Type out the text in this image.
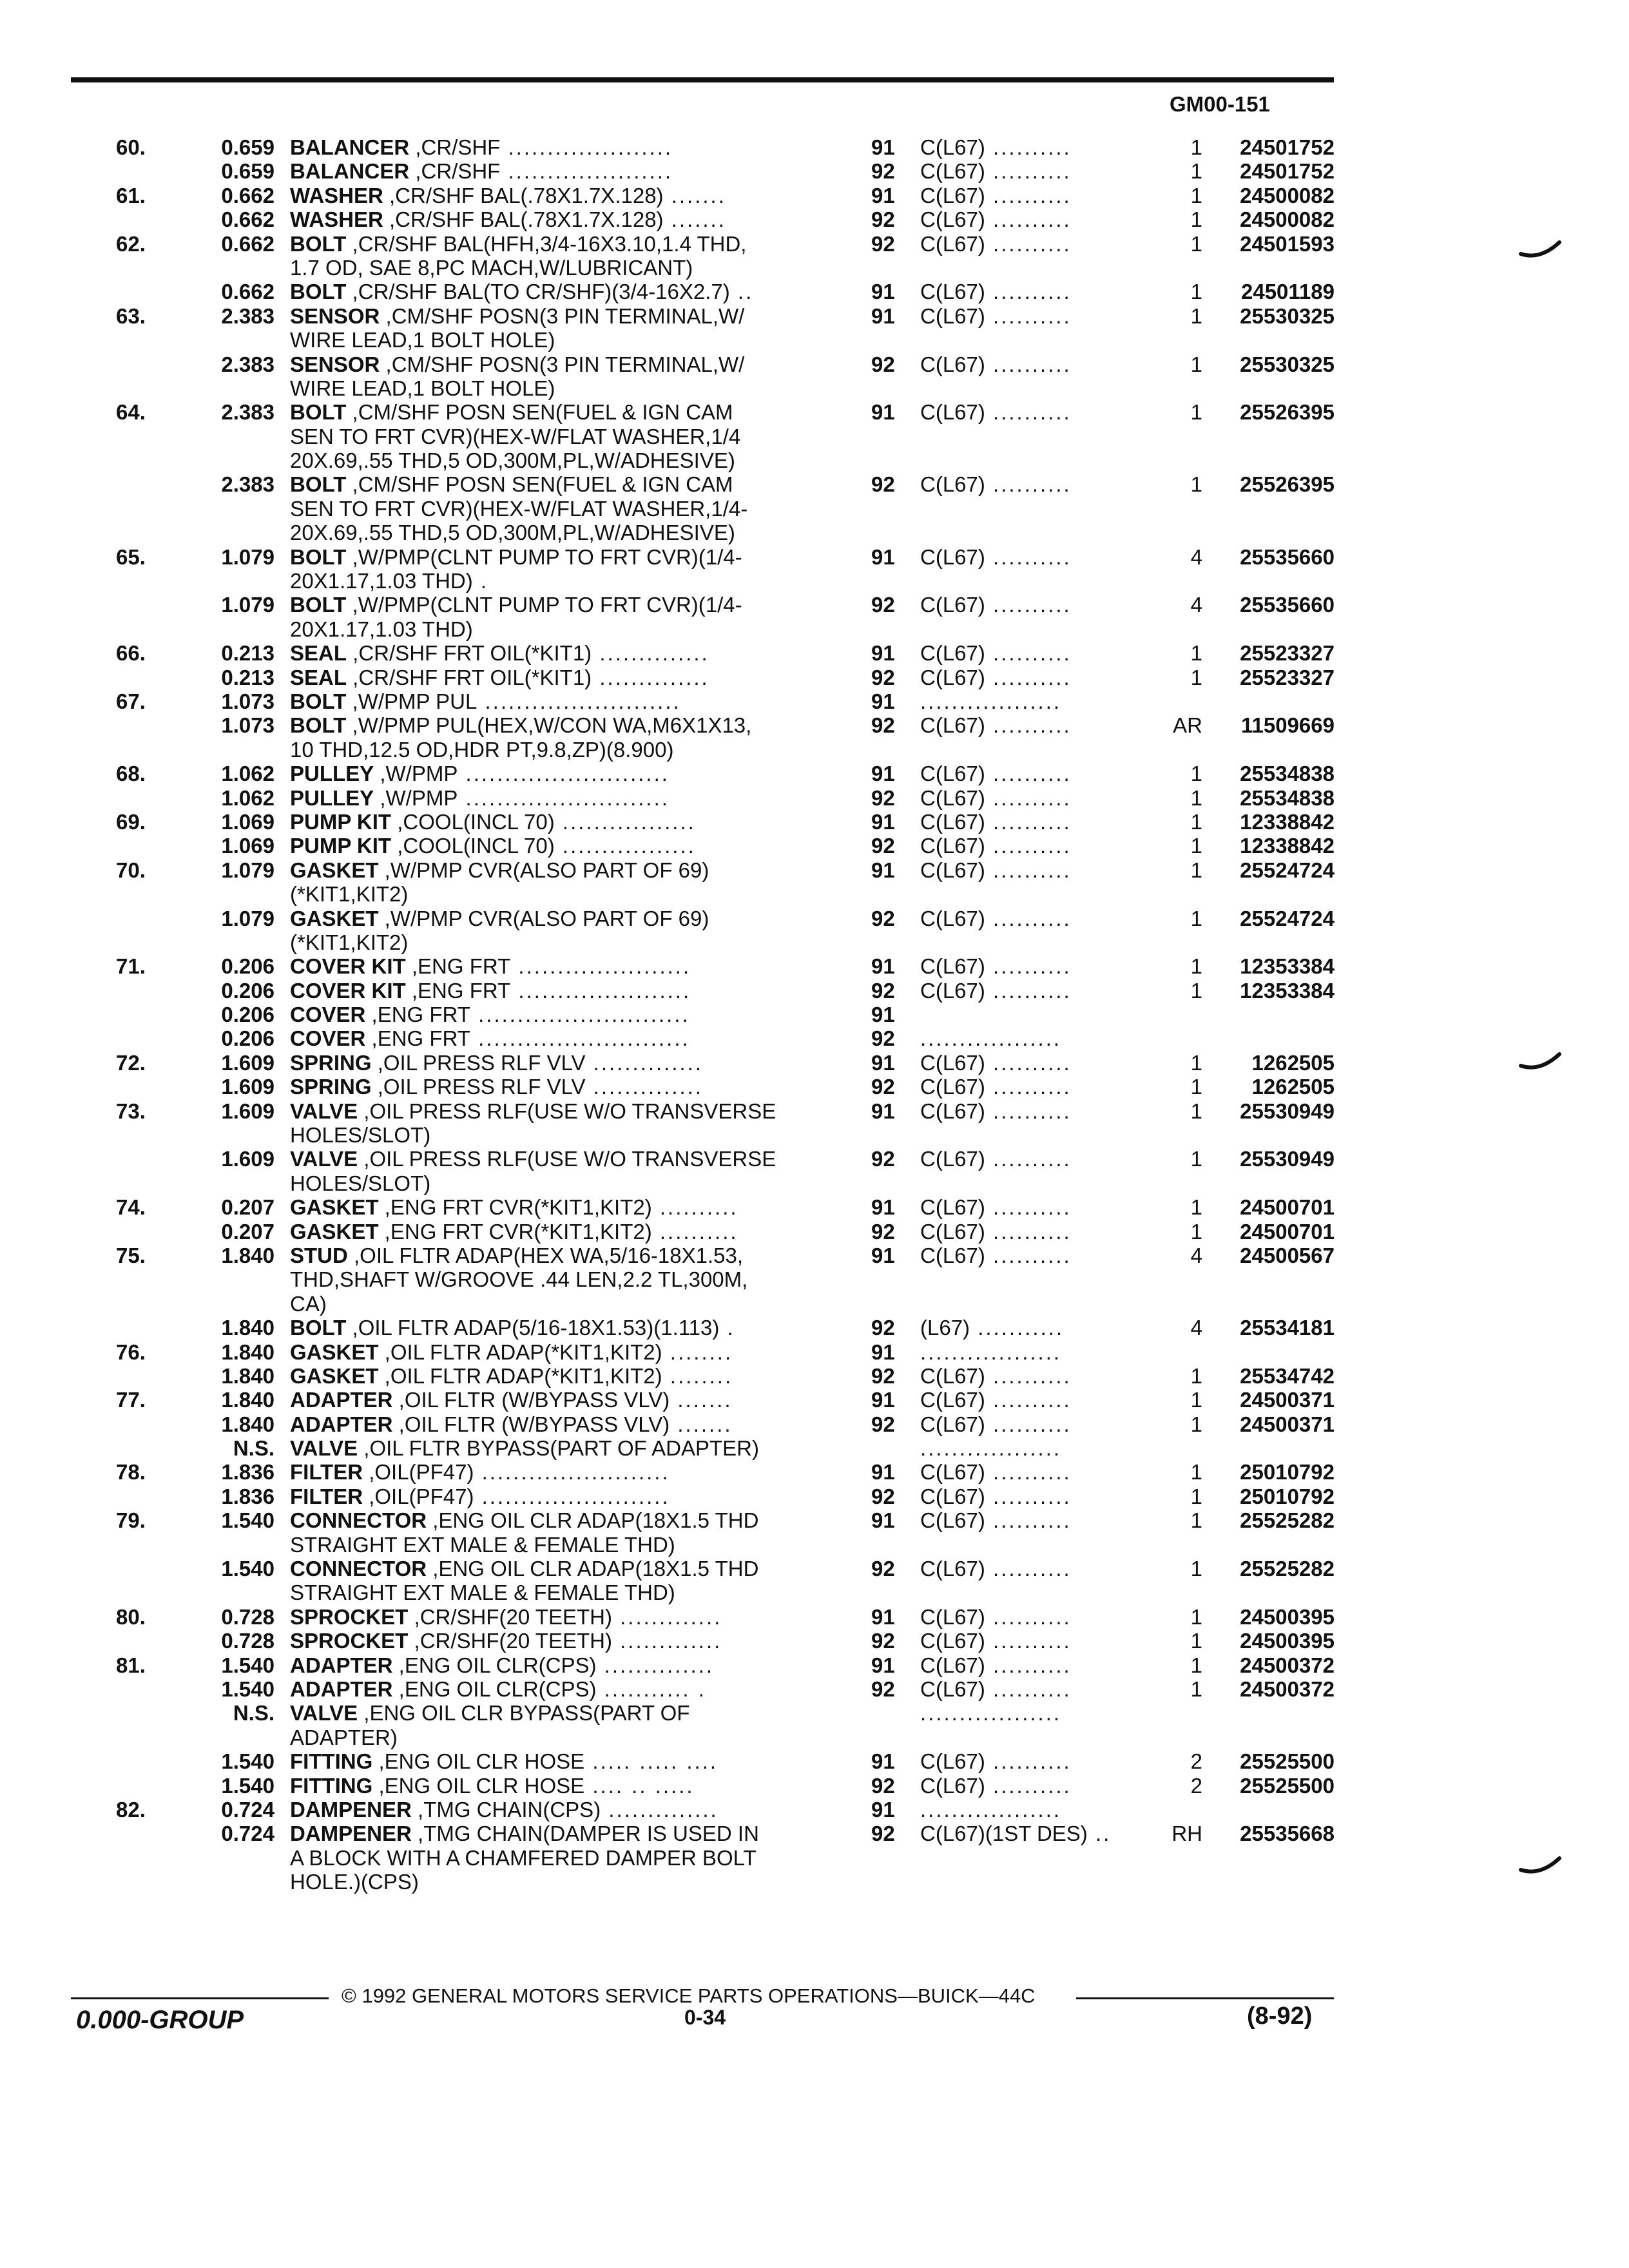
GM00-151
60.	0.659 BALANCER ,CR/SHF .....................	91 C(L67) ..........	1	24501752
0.659 BALANCER ,CR/SHF .....................	92 C(L67) ..........	1	24501752
61.	0.662 WASHER ,CR/SHF BAL(.78X1.7X.128) .......	91 C(L67) ..........	1	24500082
0.662 WASHER ,CR/SHF BAL(.78X1.7X.128) .......	92 C(L67) ..........	1	24500082
62.	0.662 BOLT ,CR/SHF BAL(HFH,3/4-16X3.10,1.4 THD,	92 C(L67) ..........	1	24501593
1.7 OD, SAE 8,PC MACH,W/LUBRICANT)
0.662 BOLT ,CR/SHF BAL(TO CR/SHF)(3/4-16X2.7) ..	91 C(L67) ..........	1	24501189
63.	2.383 SENSOR ,CM/SHF POSN(3 PIN TERMINAL,W/	91 C(L67) ..........	1	25530325
WIRE LEAD,1 BOLT HOLE)
2.383 SENSOR ,CM/SHF POSN(3 PIN TERMINAL,W/	92 C(L67) ..........	1	25530325
WIRE LEAD,1 BOLT HOLE)
64.	2.383 BOLT ,CM/SHF POSN SEN(FUEL & IGN CAM	91 C(L67) ..........	1	25526395
SEN TO FRT CVR)(HEX-W/FLAT WASHER,1/4
20X.69,.55 THD,5 OD,300M,PL,W/ADHESIVE)
2.383 BOLT ,CM/SHF POSN SEN(FUEL & IGN CAM	92 C(L67) ..........	1	25526395
SEN TO FRT CVR)(HEX-W/FLAT WASHER,1/4-
20X.69,.55 THD,5 OD,300M,PL,W/ADHESIVE)
65.	1.079 BOLT ,W/PMP(CLNT PUMP TO FRT CVR)(1/4-	91 C(L67) ..........	4	25535660
20X1.17,1.03 THD) .
1.079 BOLT ,W/PMP(CLNT PUMP TO FRT CVR)(1/4-	92 C(L67) ..........	4	25535660
20X1.17,1.03 THD)
66.	0.213 SEAL ,CR/SHF FRT OIL(*KIT1) ..............	91 C(L67) ..........	1	25523327
0.213 SEAL ,CR/SHF FRT OIL(*KIT1) ..............	92 C(L67) ..........	1	25523327
67.	1.073 BOLT ,W/PMP PUL .........................	91 ..................
1.073 BOLT ,W/PMP PUL(HEX,W/CON WA,M6X1X13,	92 C(L67) ..........	AR	11509669
10 THD,12.5 OD,HDR PT,9.8,ZP)(8.900)
68.	1.062 PULLEY ,W/PMP ..........................	91 C(L67) ..........	1	25534838
1.062 PULLEY ,W/PMP ..........................	92 C(L67) ..........	1	25534838
69.	1.069 PUMP KIT ,COOL(INCL 70) .................	91 C(L67) ..........	1	12338842
1.069 PUMP KIT ,COOL(INCL 70) .................	92 C(L67) ..........	1	12338842
70.	1.079 GASKET ,W/PMP CVR(ALSO PART OF 69)	91 C(L67) ..........	1	25524724
(*KIT1,KIT2)
1.079 GASKET ,W/PMP CVR(ALSO PART OF 69)	92 C(L67) ..........	1	25524724
(*KIT1,KIT2)
71.	0.206 COVER KIT ,ENG FRT ......................	91 C(L67) ..........	1	12353384
0.206 COVER KIT ,ENG FRT ......................	92 C(L67) ..........	1	12353384
0.206 COVER ,ENG FRT ...........................	91
0.206 COVER ,ENG FRT ...........................	92 ..................
72.	1.609 SPRING ,OIL PRESS RLF VLV ..............	91 C(L67) ..........	1	1262505
1.609 SPRING ,OIL PRESS RLF VLV ..............	92 C(L67) ..........	1	1262505
73.	1.609 VALVE ,OIL PRESS RLF(USE W/O TRANSVERSE	91 C(L67) ..........	1	25530949
HOLES/SLOT)
1.609 VALVE ,OIL PRESS RLF(USE W/O TRANSVERSE	92 C(L67) ..........	1	25530949
HOLES/SLOT)
74.	0.207 GASKET ,ENG FRT CVR(*KIT1,KIT2) ..........	91 C(L67) ..........	1	24500701
0.207 GASKET ,ENG FRT CVR(*KIT1,KIT2) ..........	92 C(L67) ..........	1	24500701
75.	1.840 STUD ,OIL FLTR ADAP(HEX WA,5/16-18X1.53,	91 C(L67) ..........	4	24500567
THD,SHAFT W/GROOVE .44 LEN,2.2 TL,300M,
CA)
1.840 BOLT ,OIL FLTR ADAP(5/16-18X1.53)(1.113) .	92 (L67) ...........	4	25534181
76.	1.840 GASKET ,OIL FLTR ADAP(*KIT1,KIT2) ........	91 ..................
1.840 GASKET ,OIL FLTR ADAP(*KIT1,KIT2) ........	92 C(L67) ..........	1	25534742
77.	1.840 ADAPTER ,OIL FLTR (W/BYPASS VLV) .......	91 C(L67) ..........	1	24500371
1.840 ADAPTER ,OIL FLTR (W/BYPASS VLV) .......	92 C(L67) ..........	1	24500371
N.S. VALVE ,OIL FLTR BYPASS(PART OF ADAPTER)	..................
78.	1.836 FILTER ,OIL(PF47) ........................	91 C(L67) ..........	1	25010792
1.836 FILTER ,OIL(PF47) ........................	92 C(L67) ..........	1	25010792
79.	1.540 CONNECTOR ,ENG OIL CLR ADAP(18X1.5 THD	91 C(L67) ..........	1	25525282
STRAIGHT EXT MALE & FEMALE THD)
1.540 CONNECTOR ,ENG OIL CLR ADAP(18X1.5 THD	92 C(L67) ..........	1	25525282
STRAIGHT EXT MALE & FEMALE THD)
80.	0.728 SPROCKET ,CR/SHF(20 TEETH) .............	91 C(L67) ..........	1	24500395
0.728 SPROCKET ,CR/SHF(20 TEETH) .............	92 C(L67) ..........	1	24500395
81.	1.540 ADAPTER ,ENG OIL CLR(CPS) ..............	91 C(L67) ..........	1	24500372
1.540 ADAPTER ,ENG OIL CLR(CPS) ........... .	92 C(L67) ..........	1	24500372
N.S. VALVE ,ENG OIL CLR BYPASS(PART OF	..................
ADAPTER)
1.540 FITTING ,ENG OIL CLR HOSE ..... ..... ....	91 C(L67) ..........	2	25525500
1.540 FITTING ,ENG OIL CLR HOSE .... .. .....	92 C(L67) ..........	2	25525500
82.	0.724 DAMPENER ,TMG CHAIN(CPS) ..............	91 ..................
0.724 DAMPENER ,TMG CHAIN(DAMPER IS USED IN	92 C(L67)(1ST DES) ..	RH	25535668
A BLOCK WITH A CHAMFERED DAMPER BOLT
HOLE.)(CPS)
© 1992 GENERAL MOTORS SERVICE PARTS OPERATIONS—BUICK—44C
0.000-GROUP	0-34	(8-92)
